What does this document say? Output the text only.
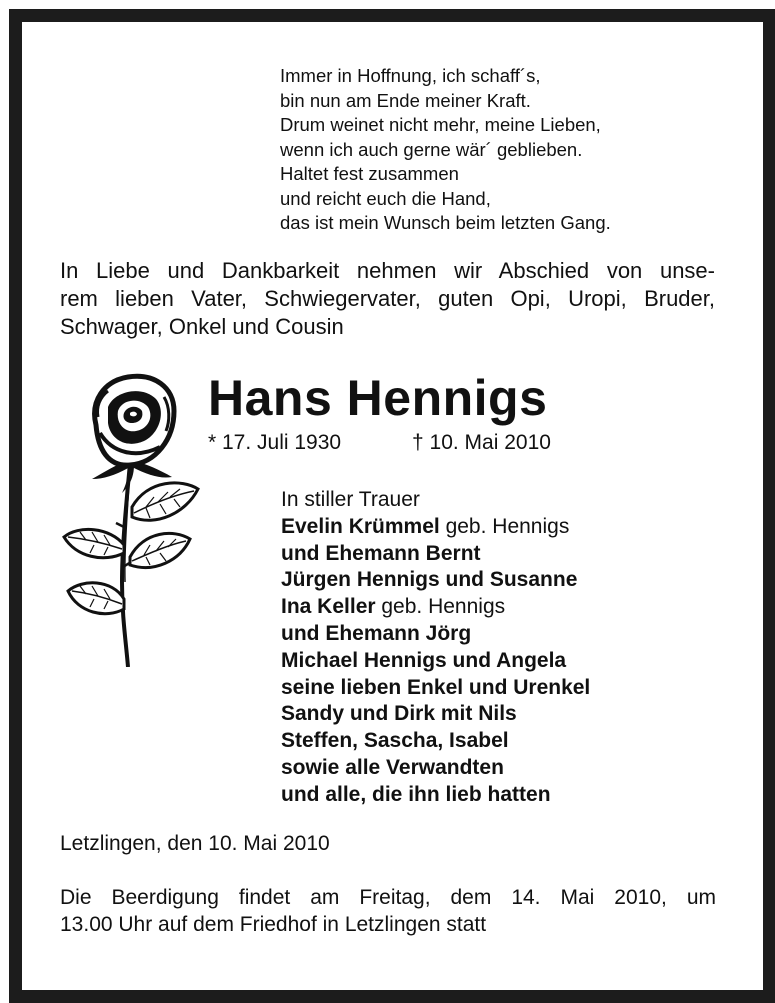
Immer in Hoffnung, ich schaff´s,
bin nun am Ende meiner Kraft.
Drum weinet nicht mehr, meine Lieben,
wenn ich auch gerne wär´ geblieben.
Haltet fest zusammen
und reicht euch die Hand,
das ist mein Wunsch beim letzten Gang.
In Liebe und Dankbarkeit nehmen wir Abschied von unse-
rem lieben Vater, Schwiegervater, guten Opi, Uropi, Bruder,
Schwager, Onkel und Cousin
Hans Hennigs
* 17. Juli 1930	† 10. Mai 2010
In stiller Trauer
Evelin Krümmel geb. Hennigs
und Ehemann Bernt
Jürgen Hennigs und Susanne
Ina Keller geb. Hennigs
und Ehemann Jörg
Michael Hennigs und Angela
seine lieben Enkel und Urenkel
Sandy und Dirk mit Nils
Steffen, Sascha, Isabel
sowie alle Verwandten
und alle, die ihn lieb hatten
Letzlingen, den 10. Mai 2010
Die Beerdigung findet am Freitag, dem 14. Mai 2010, um
13.00 Uhr auf dem Friedhof in Letzlingen statt
